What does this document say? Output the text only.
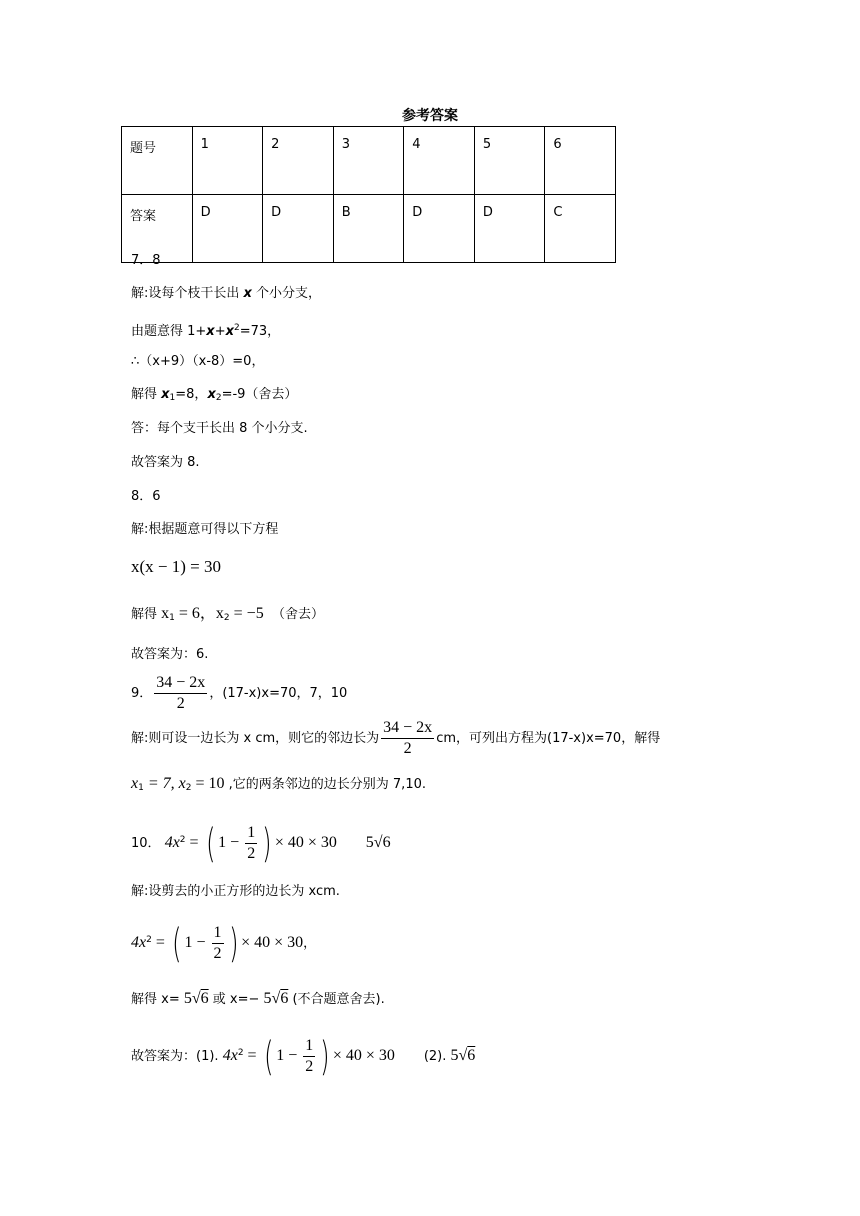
参考答案
题号	1	2	3	4	5	6
答案	D	D	B	D	D	C
7．8
解:设每个枝干长出 x 个小分支，
由题意得 $1+x+x^2=73$，
∴（x+9）（x-8）=0，
解得 $x_1=8$，$x_2=-9$（舍去）
答：每个支干长出 8 个小分支.
故答案为 8.
8．6
解:根据题意可得以下方程
x(x − 1) = 30
解得 $x_1 = 6$，$x_2 = -5$ （舍去）
故答案为：6.
9． $\frac{34 - 2x}{2}$ ，(17-x)x=70，7，10
解:则可设一边长为 x cm，则它的邻边长为 $\frac{34 - 2x}{2}$ cm，可列出方程为(17-x)x=70，解得
$x_1 = 7$, $x_2 = 10$ ,它的两条邻边的边长分别为 7,10.
10． $4x^2$ = ( $1 - \frac{1}{2}$ ) × 40 × 30 5√6
解:设剪去的小正方形的边长为 xcm.
$4x^2$ = ( $1 - \frac{1}{2}$ ) × 40 × 30，
解得 x= 5√6 或 x=− 5√6 (不合题意舍去).
故答案为：(1). $4x^2$ = ( $1 - \frac{1}{2}$ ) × 40 × 30 (2). 5√6
